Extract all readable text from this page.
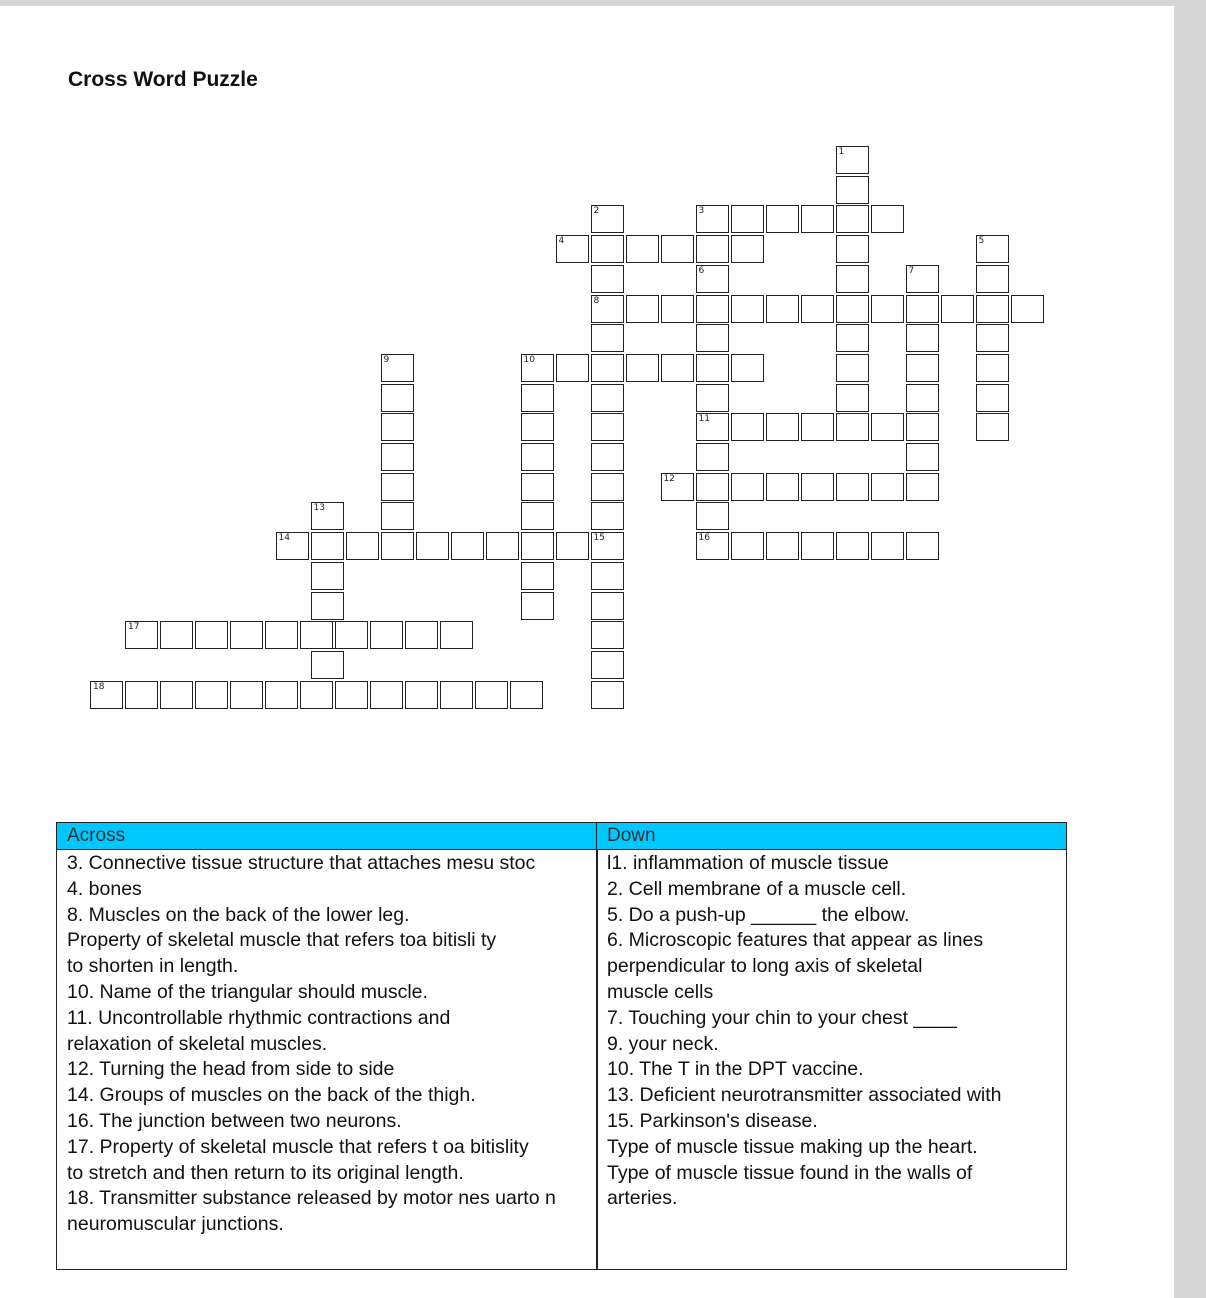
Cross Word Puzzle
1
2
8
15
3
4	5
6
11
7
9	10
12
13
14	16
17
18
Across	Down
3. Connective tissue structure that attaches mesu stoc
4. bones
8. Muscles on the back of the lower leg.
Property of skeletal muscle that refers toa bitisli ty
to shorten in length.
10. Name of the triangular should muscle.
11. Uncontrollable rhythmic contractions and
relaxation of skeletal muscles.
12. Turning the head from side to side
14. Groups of muscles on the back of the thigh.
16. The junction between two neurons.
17. Property of skeletal muscle that refers t oa bitislity
to stretch and then return to its original length.
18. Transmitter substance released by motor nes uarto n
neuromuscular junctions.
l1. inflammation of muscle tissue
2. Cell membrane of a muscle cell.
5. Do a push-up ______ the elbow.
6. Microscopic features that appear as lines
perpendicular to long axis of skeletal
muscle cells
7. Touching your chin to your chest ____
9. your neck.
10. The T in the DPT vaccine.
13. Deficient neurotransmitter associated with
15. Parkinson's disease.
Type of muscle tissue making up the heart.
Type of muscle tissue found in the walls of
arteries.
